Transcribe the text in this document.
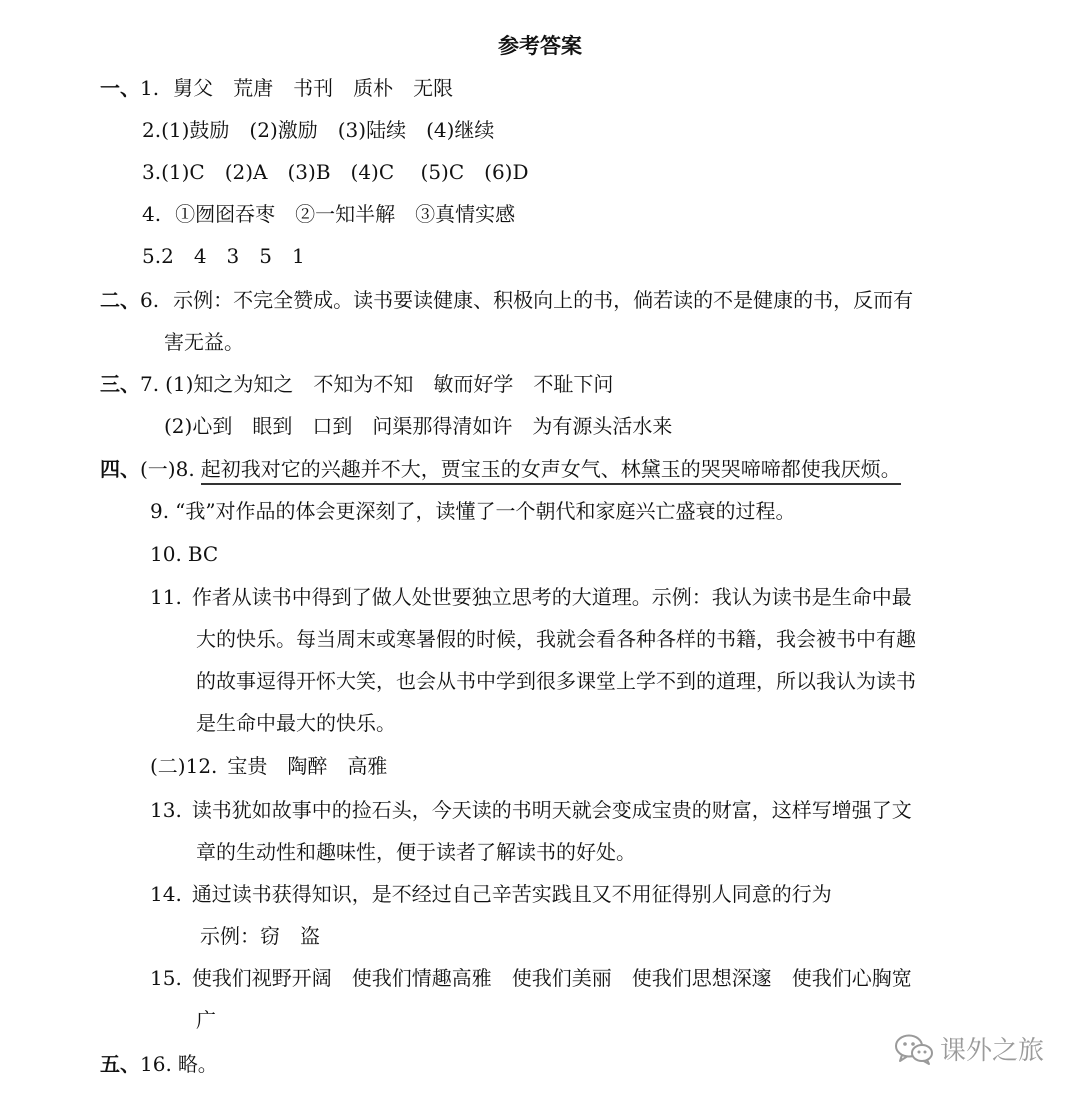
参考答案
一、1. 舅父　荒唐　书刊　质朴　无限
2.(1)鼓励　(2)激励　(3)陆续　(4)继续
3.(1)C　(2)A　(3)B　(4)C　 (5)C　(6)D
4. ①囫囵吞枣　②一知半解　③真情实感
5.2　4　3　5　1
二、6. 示例：不完全赞成。读书要读健康、积极向上的书，倘若读的不是健康的书，反而有
害无益。
三、7. (1)知之为知之　不知为不知　敏而好学　不耻下问
(2)心到　眼到　口到　问渠那得清如许　为有源头活水来
四、(一)8. 起初我对它的兴趣并不大，贾宝玉的女声女气、林黛玉的哭哭啼啼都使我厌烦。
9. “我”对作品的体会更深刻了，读懂了一个朝代和家庭兴亡盛衰的过程。
10. BC
11. 作者从读书中得到了做人处世要独立思考的大道理。示例：我认为读书是生命中最
大的快乐。每当周末或寒暑假的时候，我就会看各种各样的书籍，我会被书中有趣
的故事逗得开怀大笑，也会从书中学到很多课堂上学不到的道理，所以我认为读书
是生命中最大的快乐。
(二)12. 宝贵　陶醉　高雅
13. 读书犹如故事中的捡石头，今天读的书明天就会变成宝贵的财富，这样写增强了文
章的生动性和趣味性，便于读者了解读书的好处。
14. 通过读书获得知识，是不经过自己辛苦实践且又不用征得别人同意的行为
示例：窃　盗
15. 使我们视野开阔　使我们情趣高雅　使我们美丽　使我们思想深邃　使我们心胸宽
广
五、16. 略。	课外之旅
